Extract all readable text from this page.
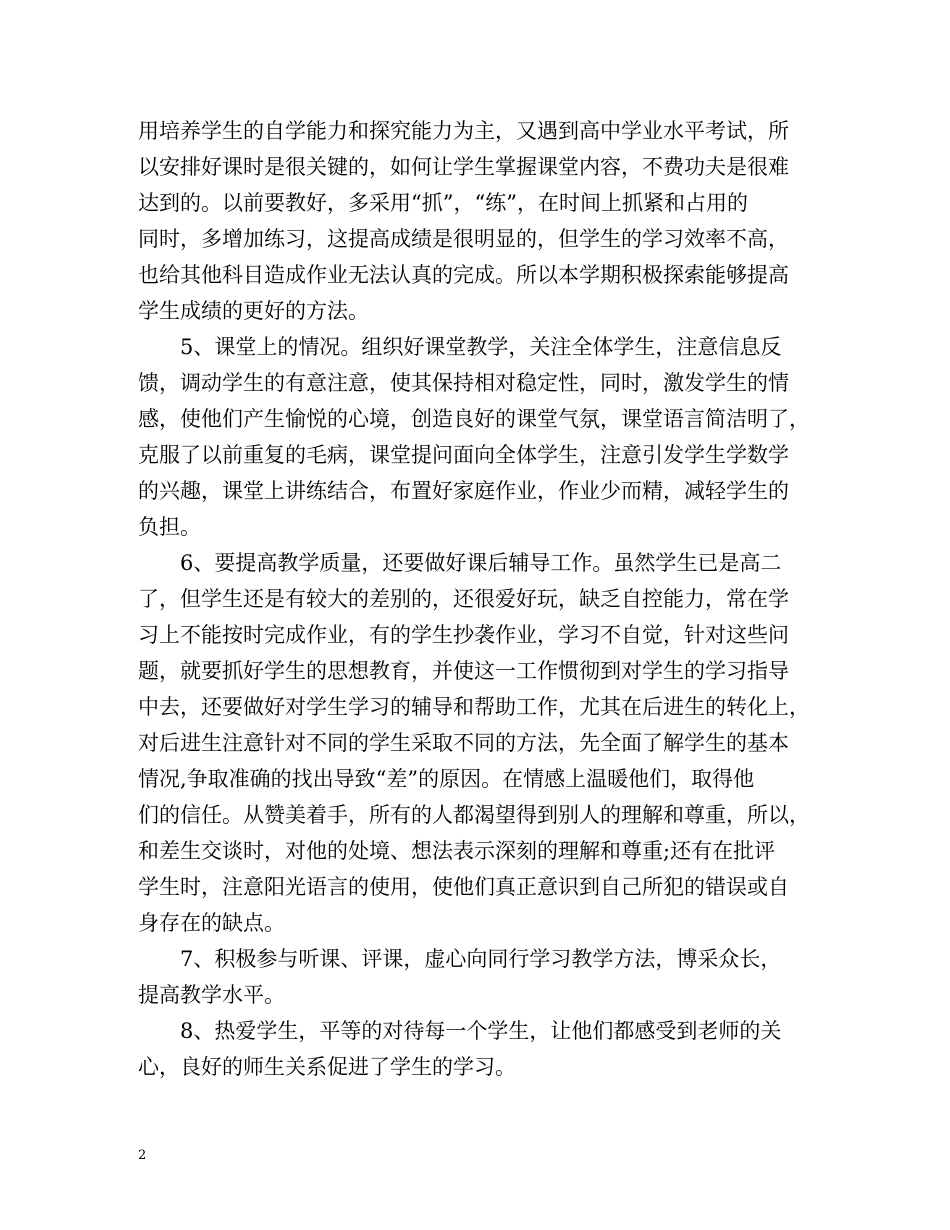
用培养学生的自学能力和探究能力为主，又遇到高中学业水平考试，所
以安排好课时是很关键的，如何让学生掌握课堂内容，不费功夫是很难
达到的。以前要教好，多采用“抓”，“练”，在时间上抓紧和占用的
同时，多增加练习，这提高成绩是很明显的，但学生的学习效率不高，
也给其他科目造成作业无法认真的完成。所以本学期积极探索能够提高
学生成绩的更好的方法。
5、课堂上的情况。组织好课堂教学，关注全体学生，注意信息反
馈，调动学生的有意注意，使其保持相对稳定性，同时，激发学生的情
感，使他们产生愉悦的心境，创造良好的课堂气氛，课堂语言简洁明了，
克服了以前重复的毛病，课堂提问面向全体学生，注意引发学生学数学
的兴趣，课堂上讲练结合，布置好家庭作业，作业少而精，减轻学生的
负担。
6、要提高教学质量，还要做好课后辅导工作。虽然学生已是高二
了，但学生还是有较大的差别的，还很爱好玩，缺乏自控能力，常在学
习上不能按时完成作业，有的学生抄袭作业，学习不自觉，针对这些问
题，就要抓好学生的思想教育，并使这一工作惯彻到对学生的学习指导
中去，还要做好对学生学习的辅导和帮助工作，尤其在后进生的转化上，
对后进生注意针对不同的学生采取不同的方法，先全面了解学生的基本
情况,争取准确的找出导致“差”的原因。在情感上温暖他们，取得他
们的信任。从赞美着手，所有的人都渴望得到别人的理解和尊重，所以，
和差生交谈时，对他的处境、想法表示深刻的理解和尊重;还有在批评
学生时，注意阳光语言的使用，使他们真正意识到自己所犯的错误或自
身存在的缺点。
7、积极参与听课、评课，虚心向同行学习教学方法，博采众长，
提高教学水平。
8、热爱学生，平等的对待每一个学生，让他们都感受到老师的关
心，良好的师生关系促进了学生的学习。
2
